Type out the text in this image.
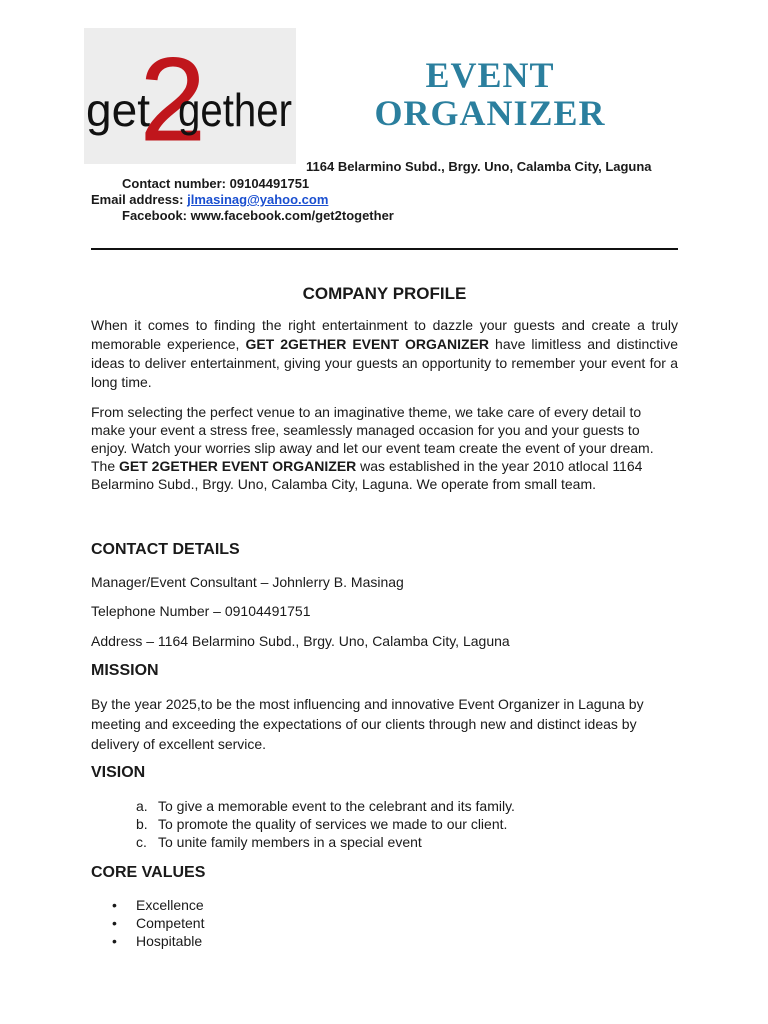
get
2
gether
EVENT
ORGANIZER
1164 Belarmino Subd., Brgy. Uno, Calamba City, Laguna
Contact number: 09104491751
Email address: jlmasinag@yahoo.com
Facebook: www.facebook.com/get2together
COMPANY PROFILE
When it comes to finding the right entertainment to dazzle your guests and create a truly memorable experience, GET 2GETHER EVENT ORGANIZER have limitless and distinctive ideas to deliver entertainment, giving your guests an opportunity to remember your event for a long time.
From selecting the perfect venue to an imaginative theme, we take care of every detail to make your event a stress free, seamlessly managed occasion for you and your guests to enjoy. Watch your worries slip away and let our event team create the event of your dream. The GET 2GETHER EVENT ORGANIZER was established in the year 2010 atlocal 1164 Belarmino Subd., Brgy. Uno, Calamba City, Laguna. We operate from small team.
CONTACT DETAILS
Manager/Event Consultant – Johnlerry B. Masinag
Telephone Number – 09104491751
Address – 1164 Belarmino Subd., Brgy. Uno, Calamba City, Laguna
MISSION
By the year 2025,to be the most influencing and innovative Event Organizer in Laguna by meeting and exceeding the expectations of our clients through new and distinct ideas by delivery of excellent service.
VISION
a. To give a memorable event to the celebrant and its family.
b. To promote the quality of services we made to our client.
c. To unite family members in a special event
CORE VALUES
• Excellence
• Competent
• Hospitable
